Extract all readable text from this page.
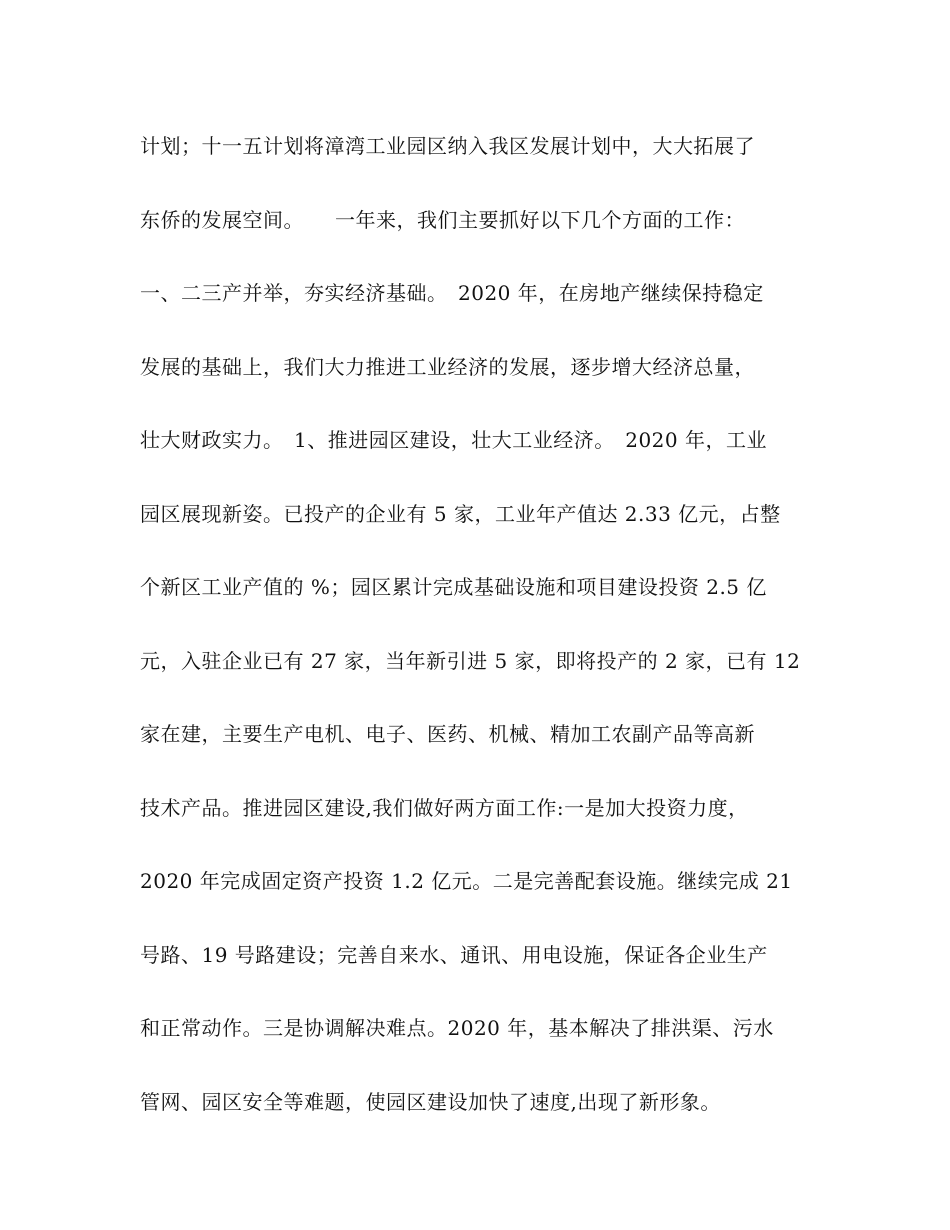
计划；十一五计划将漳湾工业园区纳入我区发展计划中，大大拓展了
东侨的发展空间。　　一年来，我们主要抓好以下几个方面的工作：
一、二三产并举，夯实经济基础。　2020 年，在房地产继续保持稳定
发展的基础上，我们大力推进工业经济的发展，逐步增大经济总量，
壮大财政实力。　1、推进园区建设，壮大工业经济。　2020 年，工业
园区展现新姿。已投产的企业有 5 家，工业年产值达 2.33 亿元，占整
个新区工业产值的 %；园区累计完成基础设施和项目建设投资 2.5 亿
元，入驻企业已有 27 家，当年新引进 5 家，即将投产的 2 家，已有 12
家在建，主要生产电机、电子、医药、机械、精加工农副产品等高新
技术产品。推进园区建设,我们做好两方面工作:一是加大投资力度，
2020 年完成固定资产投资 1.2 亿元。二是完善配套设施。继续完成 21
号路、19 号路建设；完善自来水、通讯、用电设施，保证各企业生产
和正常动作。三是协调解决难点。2020 年，基本解决了排洪渠、污水
管网、园区安全等难题，使园区建设加快了速度,出现了新形象。
